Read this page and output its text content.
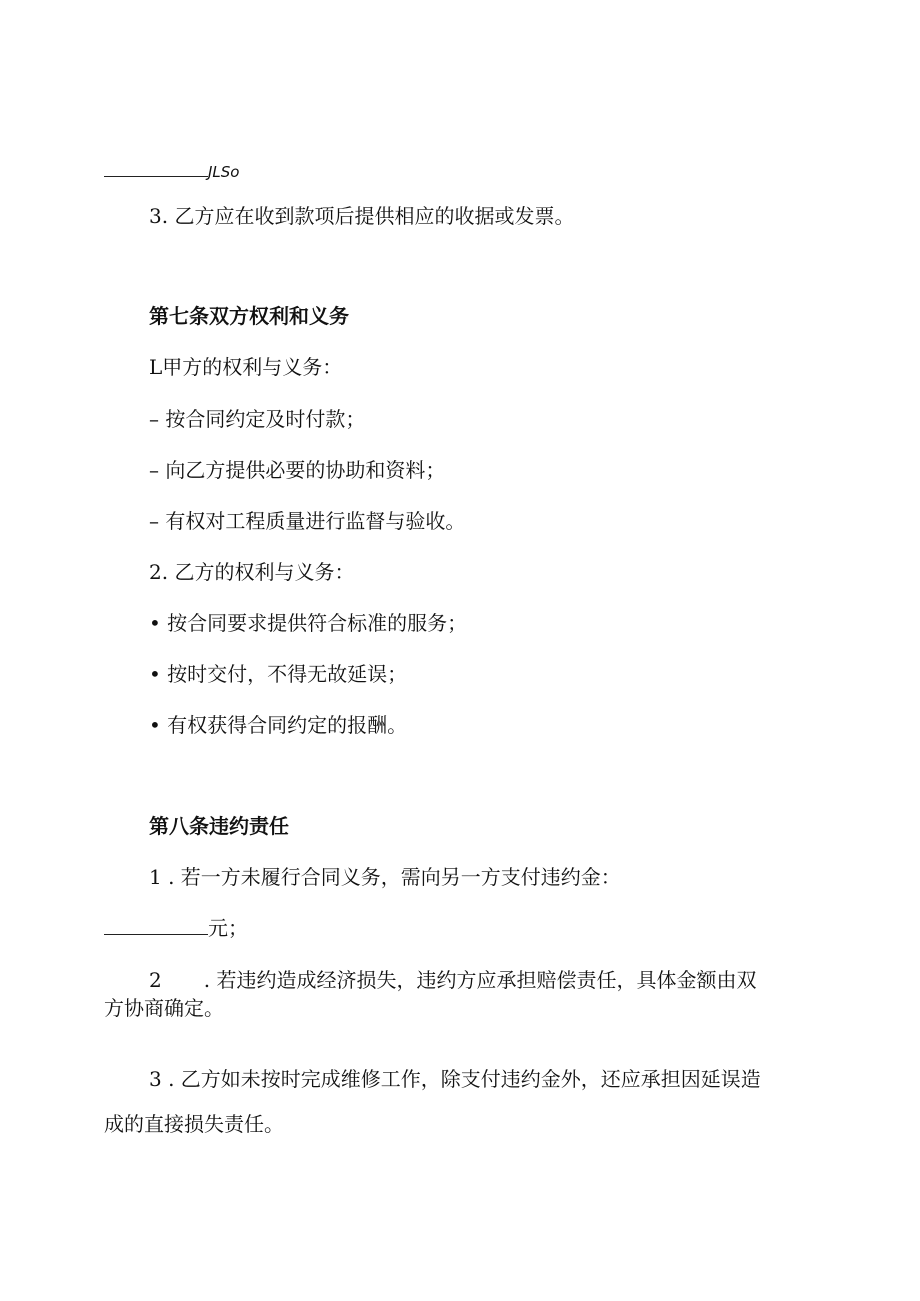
JLSo
3. 乙方应在收到款项后提供相应的收据或发票。
第七条双方权利和义务
L甲方的权利与义务：
– 按合同约定及时付款；
– 向乙方提供必要的协助和资料；
– 有权对工程质量进行监督与验收。
2. 乙方的权利与义务：
• 按合同要求提供符合标准的服务；
• 按时交付，不得无故延误；
• 有权获得合同约定的报酬。
第八条违约责任
1 . 若一方未履行合同义务，需向另一方支付违约金：
元；
2 . 若违约造成经济损失，违约方应承担赔偿责任，具体金额由双
方协商确定。
3 . 乙方如未按时完成维修工作，除支付违约金外，还应承担因延误造
成的直接损失责任。
